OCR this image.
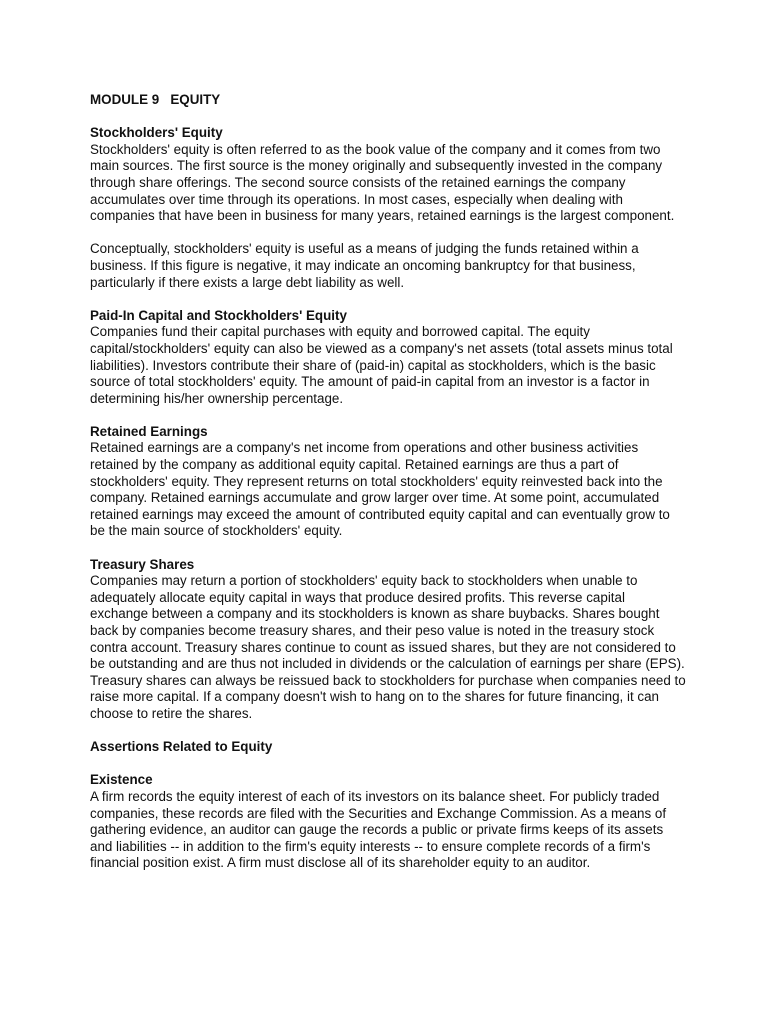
MODULE 9   EQUITY
Stockholders' Equity

Stockholders' equity is often referred to as the book value of the company and it comes from two main sources. The first source is the money originally and subsequently invested in the company through share offerings. The second source consists of the retained earnings the company accumulates over time through its operations. In most cases, especially when dealing with companies that have been in business for many years, retained earnings is the largest component.

Conceptually, stockholders' equity is useful as a means of judging the funds retained within a business. If this figure is negative, it may indicate an oncoming bankruptcy for that business, particularly if there exists a large debt liability as well.

Paid-In Capital and Stockholders' Equity

Companies fund their capital purchases with equity and borrowed capital. The equity capital/stockholders' equity can also be viewed as a company's net assets (total assets minus total liabilities). Investors contribute their share of (paid-in) capital as stockholders, which is the basic source of total stockholders' equity. The amount of paid-in capital from an investor is a factor in determining his/her ownership percentage.

Retained Earnings

Retained earnings are a company's net income from operations and other business activities retained by the company as additional equity capital. Retained earnings are thus a part of stockholders' equity. They represent returns on total stockholders' equity reinvested back into the company. Retained earnings accumulate and grow larger over time. At some point, accumulated retained earnings may exceed the amount of contributed equity capital and can eventually grow to be the main source of stockholders' equity.

Treasury Shares

Companies may return a portion of stockholders' equity back to stockholders when unable to adequately allocate equity capital in ways that produce desired profits. This reverse capital exchange between a company and its stockholders is known as share buybacks. Shares bought back by companies become treasury shares, and their peso value is noted in the treasury stock contra account. Treasury shares continue to count as issued shares, but they are not considered to be outstanding and are thus not included in dividends or the calculation of earnings per share (EPS). Treasury shares can always be reissued back to stockholders for purchase when companies need to raise more capital. If a company doesn't wish to hang on to the shares for future financing, it can choose to retire the shares.

Assertions Related to Equity
Existence

A firm records the equity interest of each of its investors on its balance sheet. For publicly traded companies, these records are filed with the Securities and Exchange Commission. As a means of gathering evidence, an auditor can gauge the records a public or private firms keeps of its assets and liabilities -- in addition to the firm's equity interests -- to ensure complete records of a firm's financial position exist. A firm must disclose all of its shareholder equity to an auditor.
